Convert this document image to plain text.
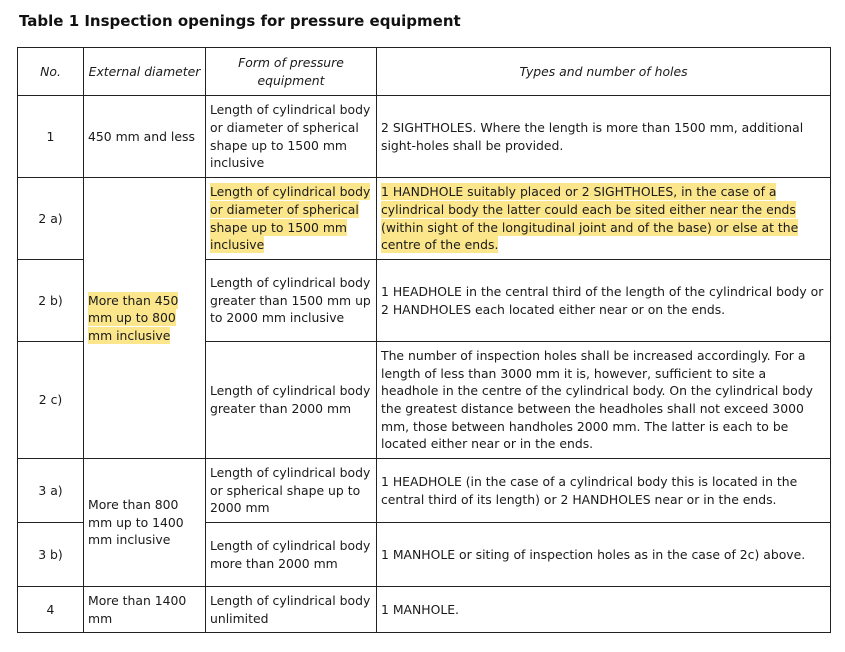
Table 1 Inspection openings for pressure equipment
No.	External diameter	Form of pressure equipment	Types and number of holes
1	450 mm and less	Length of cylindrical body or diameter of spherical shape up to 1500 mm inclusive	2 SIGHTHOLES. Where the length is more than 1500 mm, additional sight-holes shall be provided.
2 a)	More than 450 mm up to 800 mm inclusive	Length of cylindrical body or diameter of spherical shape up to 1500 mm inclusive	1 HANDHOLE suitably placed or 2 SIGHTHOLES, in the case of a cylindrical body the latter could each be sited either near the ends (within sight of the longitudinal joint and of the base) or else at the centre of the ends.
2 b)		Length of cylindrical body greater than 1500 mm up to 2000 mm inclusive	1 HEADHOLE in the central third of the length of the cylindrical body or 2 HANDHOLES each located either near or on the ends.
2 c)		Length of cylindrical body greater than 2000 mm	The number of inspection holes shall be increased accordingly. For a length of less than 3000 mm it is, however, sufficient to site a headhole in the centre of the cylindrical body. On the cylindrical body the greatest distance between the headholes shall not exceed 3000 mm, those between handholes 2000 mm. The latter is each to be located either near or in the ends.
3 a)	More than 800 mm up to 1400 mm inclusive	Length of cylindrical body or spherical shape up to 2000 mm	1 HEADHOLE (in the case of a cylindrical body this is located in the central third of its length) or 2 HANDHOLES near or in the ends.
3 b)		Length of cylindrical body more than 2000 mm	1 MANHOLE or siting of inspection holes as in the case of 2c) above.
4	More than 1400 mm	Length of cylindrical body unlimited	1 MANHOLE.
